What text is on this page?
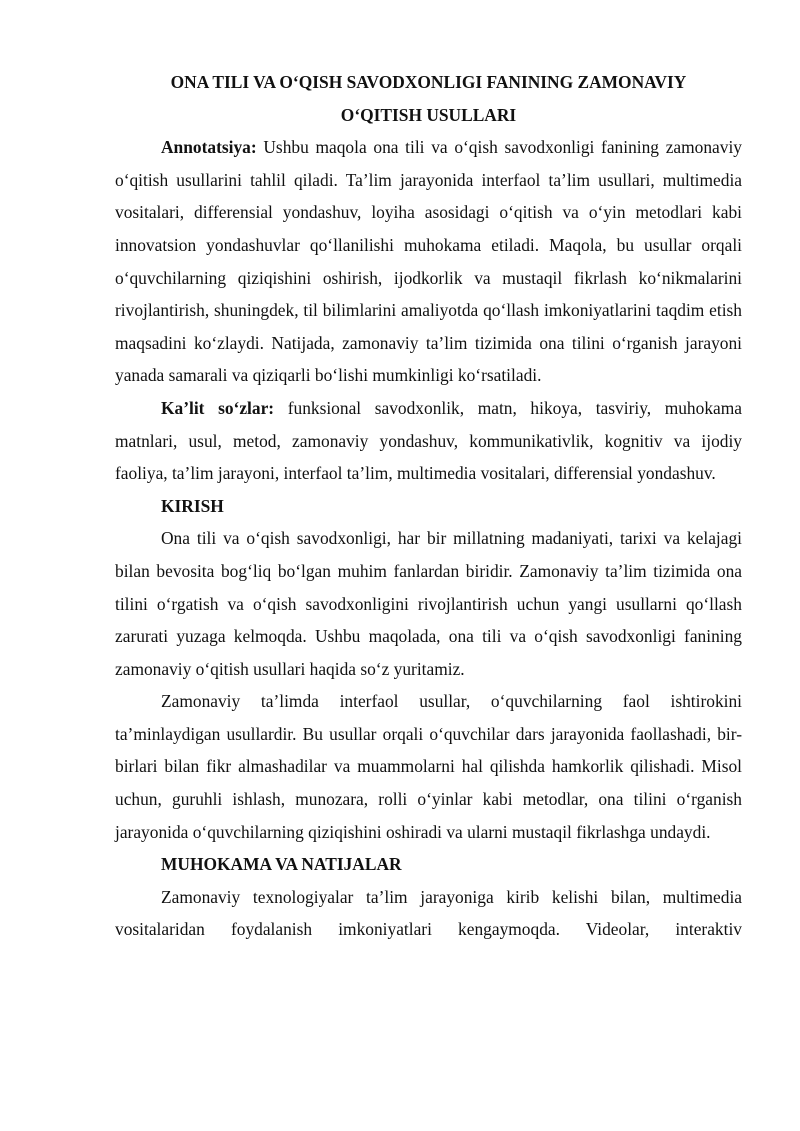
ONA TILI VA O‘QISH SAVODXONLIGI FANINING ZAMONAVIY
O‘QITISH USULLARI

Annotatsiya: Ushbu maqola ona tili va o‘qish savodxonligi fanining zamonaviy o‘qitish usullarini tahlil qiladi. Ta’lim jarayonida interfaol ta’lim usullari, multimedia vositalari, differensial yondashuv, loyiha asosidagi o‘qitish va o‘yin metodlari kabi innovatsion yondashuvlar qo‘llanilishi muhokama etiladi. Maqola, bu usullar orqali o‘quvchilarning qiziqishini oshirish, ijodkorlik va mustaqil fikrlash ko‘nikmalarini rivojlantirish, shuningdek, til bilimlarini amaliyotda qo‘llash imkoniyatlarini taqdim etish maqsadini ko‘zlaydi. Natijada, zamonaviy ta’lim tizimida ona tilini o‘rganish jarayoni yanada samarali va qiziqarli bo‘lishi mumkinligi ko‘rsatiladi.

Ka’lit so‘zlar: funksional savodxonlik, matn, hikoya, tasviriy, muhokama matnlari, usul, metod, zamonaviy yondashuv, kommunikativlik, kognitiv va ijodiy faoliya, ta’lim jarayoni, interfaol ta’lim, multimedia vositalari, differensial yondashuv.

KIRISH

Ona tili va o‘qish savodxonligi, har bir millatning madaniyati, tarixi va kelajagi bilan bevosita bog‘liq bo‘lgan muhim fanlardan biridir. Zamonaviy ta’lim tizimida ona tilini o‘rgatish va o‘qish savodxonligini rivojlantirish uchun yangi usullarni qo‘llash zarurati yuzaga kelmoqda. Ushbu maqolada, ona tili va o‘qish savodxonligi fanining zamonaviy o‘qitish usullari haqida so‘z yuritamiz.

Zamonaviy ta’limda interfaol usullar, o‘quvchilarning faol ishtirokini ta’minlaydigan usullardir. Bu usullar orqali o‘quvchilar dars jarayonida faollashadi, bir-birlari bilan fikr almashadilar va muammolarni hal qilishda hamkorlik qilishadi. Misol uchun, guruhli ishlash, munozara, rolli o‘yinlar kabi metodlar, ona tilini o‘rganish jarayonida o‘quvchilarning qiziqishini oshiradi va ularni mustaqil fikrlashga undaydi.

MUHOKAMA VA NATIJALAR

Zamonaviy texnologiyalar ta’lim jarayoniga kirib kelishi bilan, multimedia vositalaridan foydalanish imkoniyatlari kengaymoqda. Videolar, interaktiv
